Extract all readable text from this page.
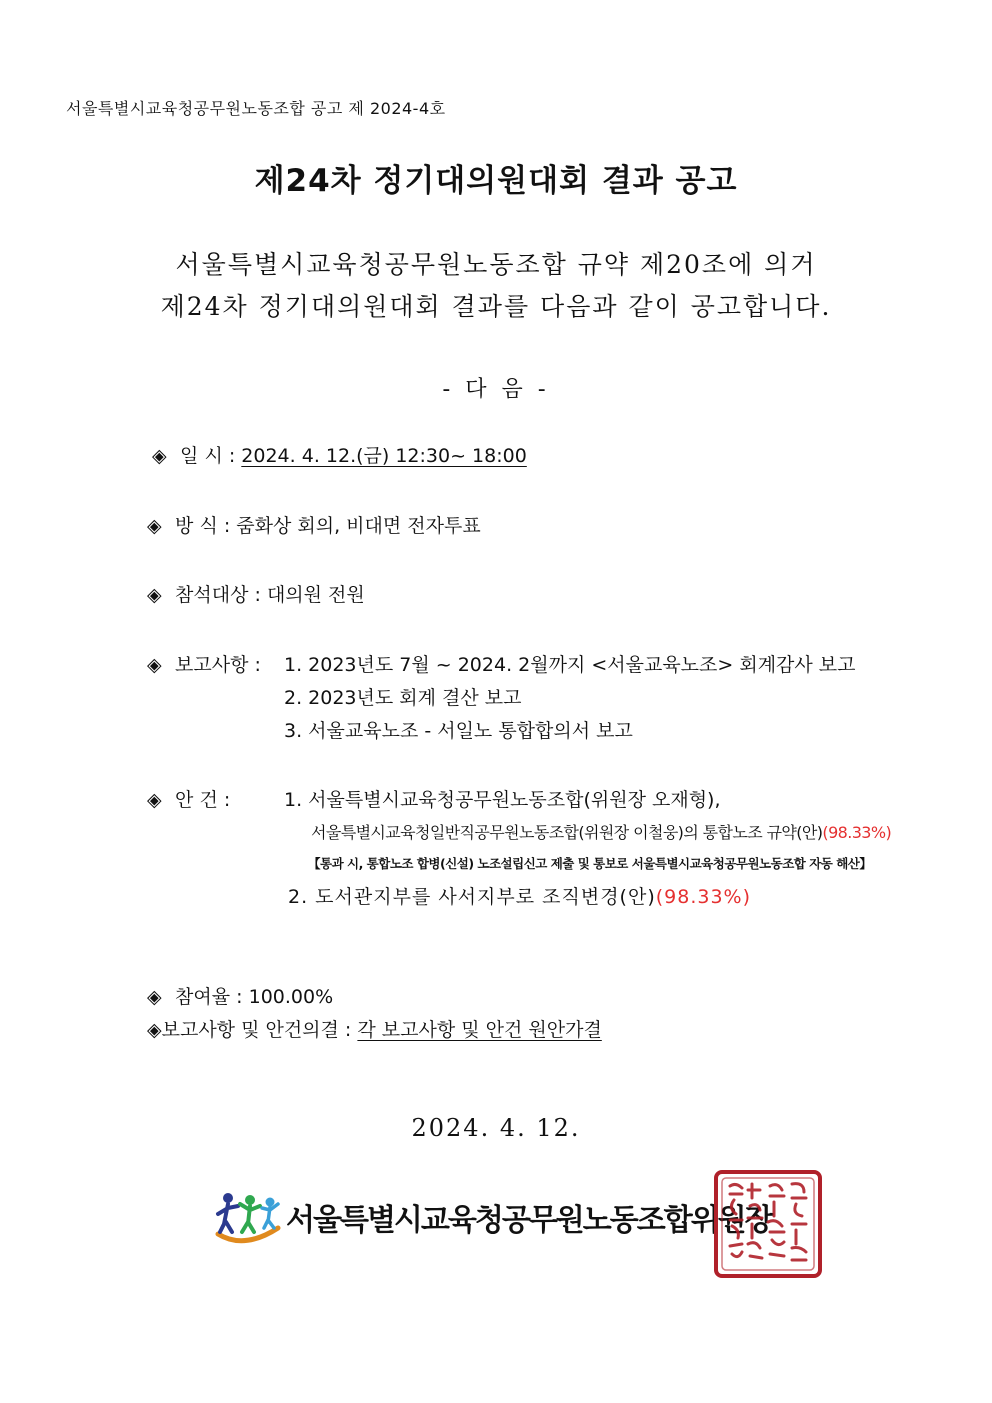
서울특별시교육청공무원노동조합 공고 제 2024-4호
제24차 정기대의원대회 결과 공고
서울특별시교육청공무원노동조합 규약 제20조에 의거
제24차 정기대의원대회 결과를 다음과 같이 공고합니다.
- 다 음 -
◈ 일 시 : 2024. 4. 12.(금) 12:30~ 18:00
◈ 방 식 : 줌화상 회의, 비대면 전자투표
◈ 참석대상 : 대의원 전원
◈ 보고사항 : 1. 2023년도 7월 ~ 2024. 2월까지 <서울교육노조> 회계감사 보고
2. 2023년도 회계 결산 보고
3. 서울교육노조 - 서일노 통합합의서 보고
◈ 안 건 :	1. 서울특별시교육청공무원노동조합(위원장 오재형),
서울특별시교육청일반직공무원노동조합(위원장 이철웅)의 통합노조 규약(안)(98.33%)
【통과 시, 통합노조 합병(신설) 노조설립신고 제출 및 통보로 서울특별시교육청공무원노동조합 자동 해산】
2. 도서관지부를 사서지부로 조직변경(안)(98.33%)
◈ 참여율 : 100.00%
◈보고사항 및 안건의결 : 각 보고사항 및 안건 원안가결
2024. 4. 12.
서울특별시교육청공무원노동조합위원장
